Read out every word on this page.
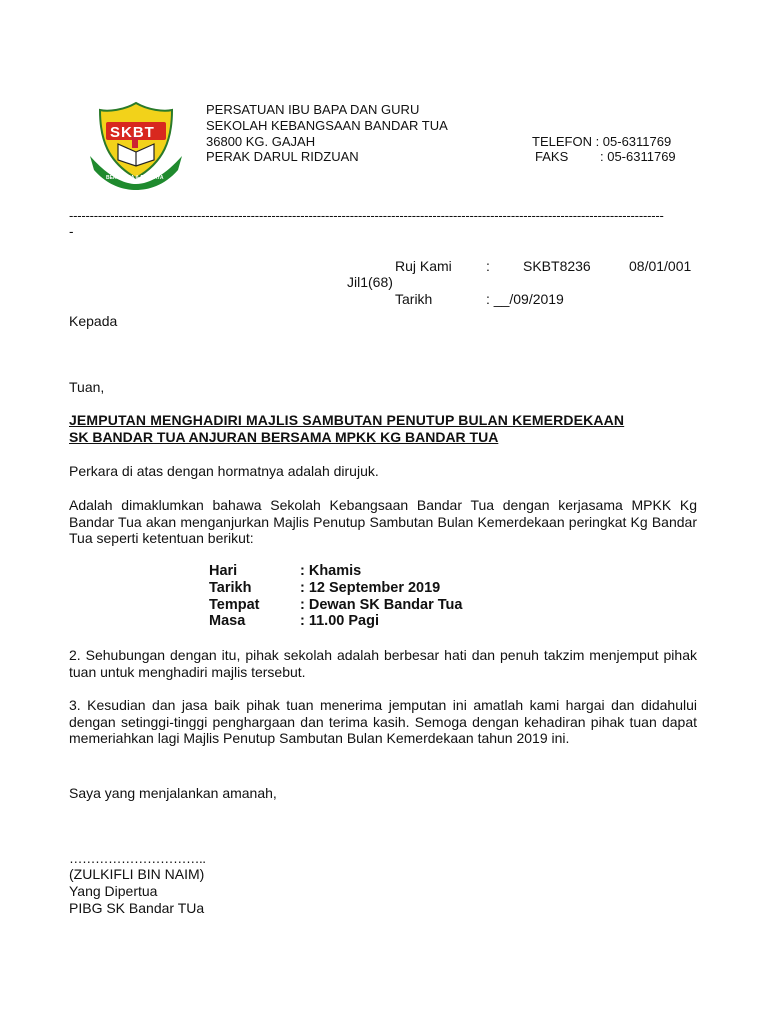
SKBT
BERUSAHA & BERJAYA
PERSATUAN IBU BAPA DAN GURU
SEKOLAH KEBANGSAAN BANDAR TUA
36800 KG. GAJAH
PERAK DARUL RIDZUAN
TELEFON : 05-6311769
FAKS : 05-6311769
------------------------------------------------------------------------------------------------------------------------------------------------
-
Ruj Kami : SKBT8236	08/01/001
Jil1(68)
Tarikh	: __/09/2019
Kepada
Tuan,
JEMPUTAN MENGHADIRI MAJLIS SAMBUTAN PENUTUP BULAN KEMERDEKAAN
SK BANDAR TUA ANJURAN BERSAMA MPKK KG BANDAR TUA
Perkara di atas dengan hormatnya adalah dirujuk.
Adalah dimaklumkan bahawa Sekolah Kebangsaan Bandar Tua dengan kerjasama MPKK Kg Bandar Tua akan menganjurkan Majlis Penutup Sambutan Bulan Kemerdekaan peringkat Kg Bandar Tua seperti ketentuan berikut:
Hari	: Khamis
Tarikh	: 12 September 2019
Tempat	: Dewan SK Bandar Tua
Masa	: 11.00 Pagi
2. Sehubungan dengan itu, pihak sekolah adalah berbesar hati dan penuh takzim menjemput pihak tuan untuk menghadiri majlis tersebut.
3. Kesudian dan jasa baik pihak tuan menerima jemputan ini amatlah kami hargai dan didahului dengan setinggi-tinggi penghargaan dan terima kasih. Semoga dengan kehadiran pihak tuan dapat memeriahkan lagi Majlis Penutup Sambutan Bulan Kemerdekaan tahun 2019 ini.
Saya yang menjalankan amanah,
…………………………..
(ZULKIFLI BIN NAIM)
Yang Dipertua
PIBG SK Bandar TUa
